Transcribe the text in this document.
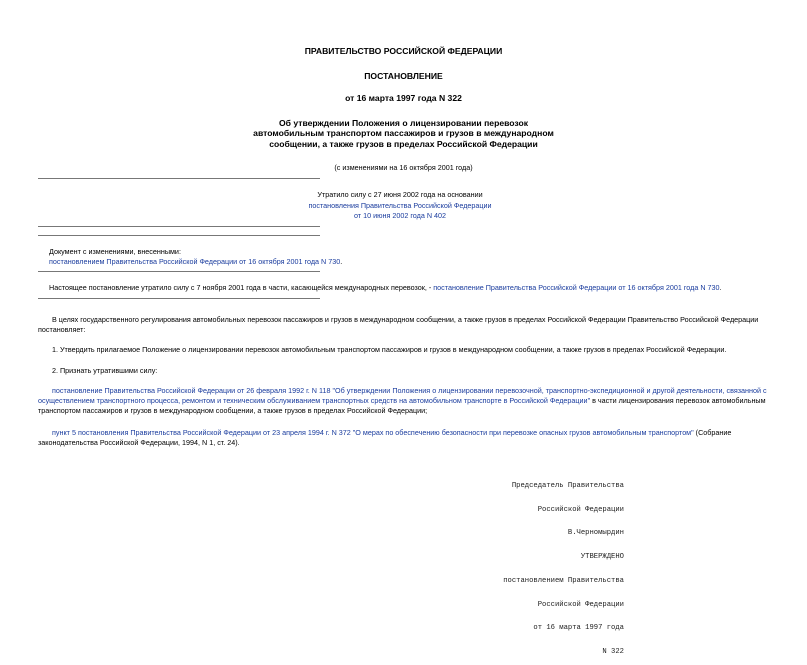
ПРАВИТЕЛЬСТВО РОССИЙСКОЙ ФЕДЕРАЦИИ
ПОСТАНОВЛЕНИЕ
от 16 марта 1997 года N 322
Об утверждении Положения о лицензировании перевозок
автомобильным транспортом пассажиров и грузов в международном
сообщении, а также грузов в пределах Российской Федерации
(с изменениями на 16 октября 2001 года)
Утратило силу с 27 июня 2002 года на основании
постановления Правительства Российской Федерации
от 10 июня 2002 года N 402
Документ с изменениями, внесенными:
постановлением Правительства Российской Федерации от 16 октября 2001 года N 730.
Настоящее постановление утратило силу с 7 ноября 2001 года в части, касающейся международных перевозок, - постановление Правительства Российской Федерации от 16 октября 2001 года N 730.
В целях государственного регулирования автомобильных перевозок пассажиров и грузов в международном сообщении, а также грузов в пределах Российской Федерации Правительство Российской Федерации
постановляет:
1. Утвердить прилагаемое Положение о лицензировании перевозок автомобильным транспортом пассажиров и грузов в международном сообщении, а также грузов в пределах Российской Федерации.
2. Признать утратившими силу:
постановление Правительства Российской Федерации от 26 февраля 1992 г. N 118 "Об утверждении Положения о лицензировании перевозочной, транспортно-экспедиционной и другой деятельности, связанной с
осуществлением транспортного процесса, ремонтом и техническим обслуживанием транспортных средств на автомобильном транспорте в Российской Федерации" в части лицензирования перевозок автомобильным
транспортом пассажиров и грузов в международном сообщении, а также грузов в пределах Российской Федерации;
пункт 5 постановления Правительства Российской Федерации от 23 апреля 1994 г. N 372 "О мерах по обеспечению безопасности при перевозке опасных грузов автомобильным транспортом" (Собрание
законодательства Российской Федерации, 1994, N 1, ст. 24).

Председатель Правительства

Российской Федерации

В.Черномырдин

УТВЕРЖДЕНО

постановлением Правительства

Российской Федерации

от 16 марта 1997 года

N 322
